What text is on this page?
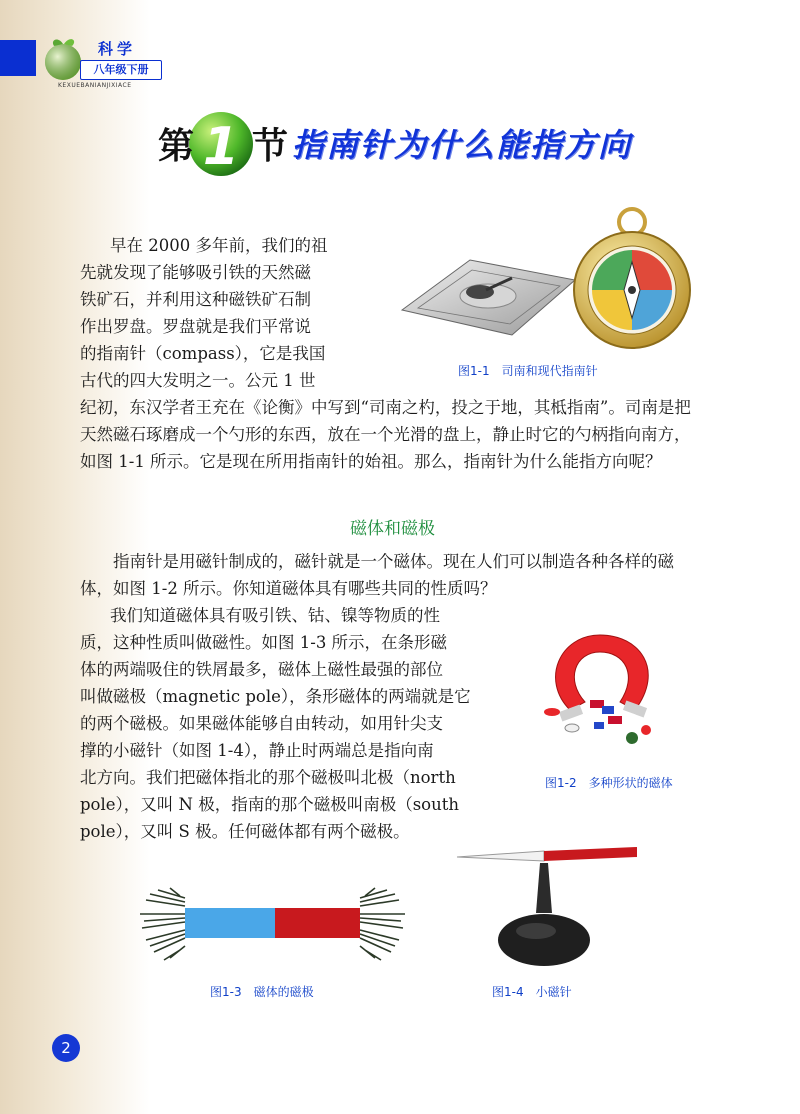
科学
八年级下册
KEXUEBANIANJIXIACE
第 1 节 指南针为什么能指方向
早在 2000 多年前，我们的祖
先就发现了能够吸引铁的天然磁
铁矿石，并利用这种磁铁矿石制
作出罗盘。罗盘就是我们平常说
的指南针（compass），它是我国
古代的四大发明之一。公元 1 世
纪初，东汉学者王充在《论衡》中写到“司南之杓，投之于地，其柢指南”。司南是把天然磁石琢磨成一个勺形的东西，放在一个光滑的盘上，静止时它的勺柄指向南方，如图 1-1 所示。它是现在所用指南针的始祖。那么，指南针为什么能指方向呢？
图1-1　司南和现代指南针
磁体和磁极
指南针是用磁针制成的，磁针就是一个磁体。现在人们可以制造各种各样的磁体，如图 1-2 所示。你知道磁体具有哪些共同的性质吗？
我们知道磁体具有吸引铁、钴、镍等物质的性
质，这种性质叫做磁性。如图 1-3 所示，在条形磁
体的两端吸住的铁屑最多，磁体上磁性最强的部位
叫做磁极（magnetic pole），条形磁体的两端就是它
的两个磁极。如果磁体能够自由转动，如用针尖支
撑的小磁针（如图 1-4），静止时两端总是指向南
北方向。我们把磁体指北的那个磁极叫北极（north
pole），又叫 N 极，指南的那个磁极叫南极（south
pole），又叫 S 极。任何磁体都有两个磁极。
图1-2　多种形状的磁体
图1-3　磁体的磁极	图1-4　小磁针
2
